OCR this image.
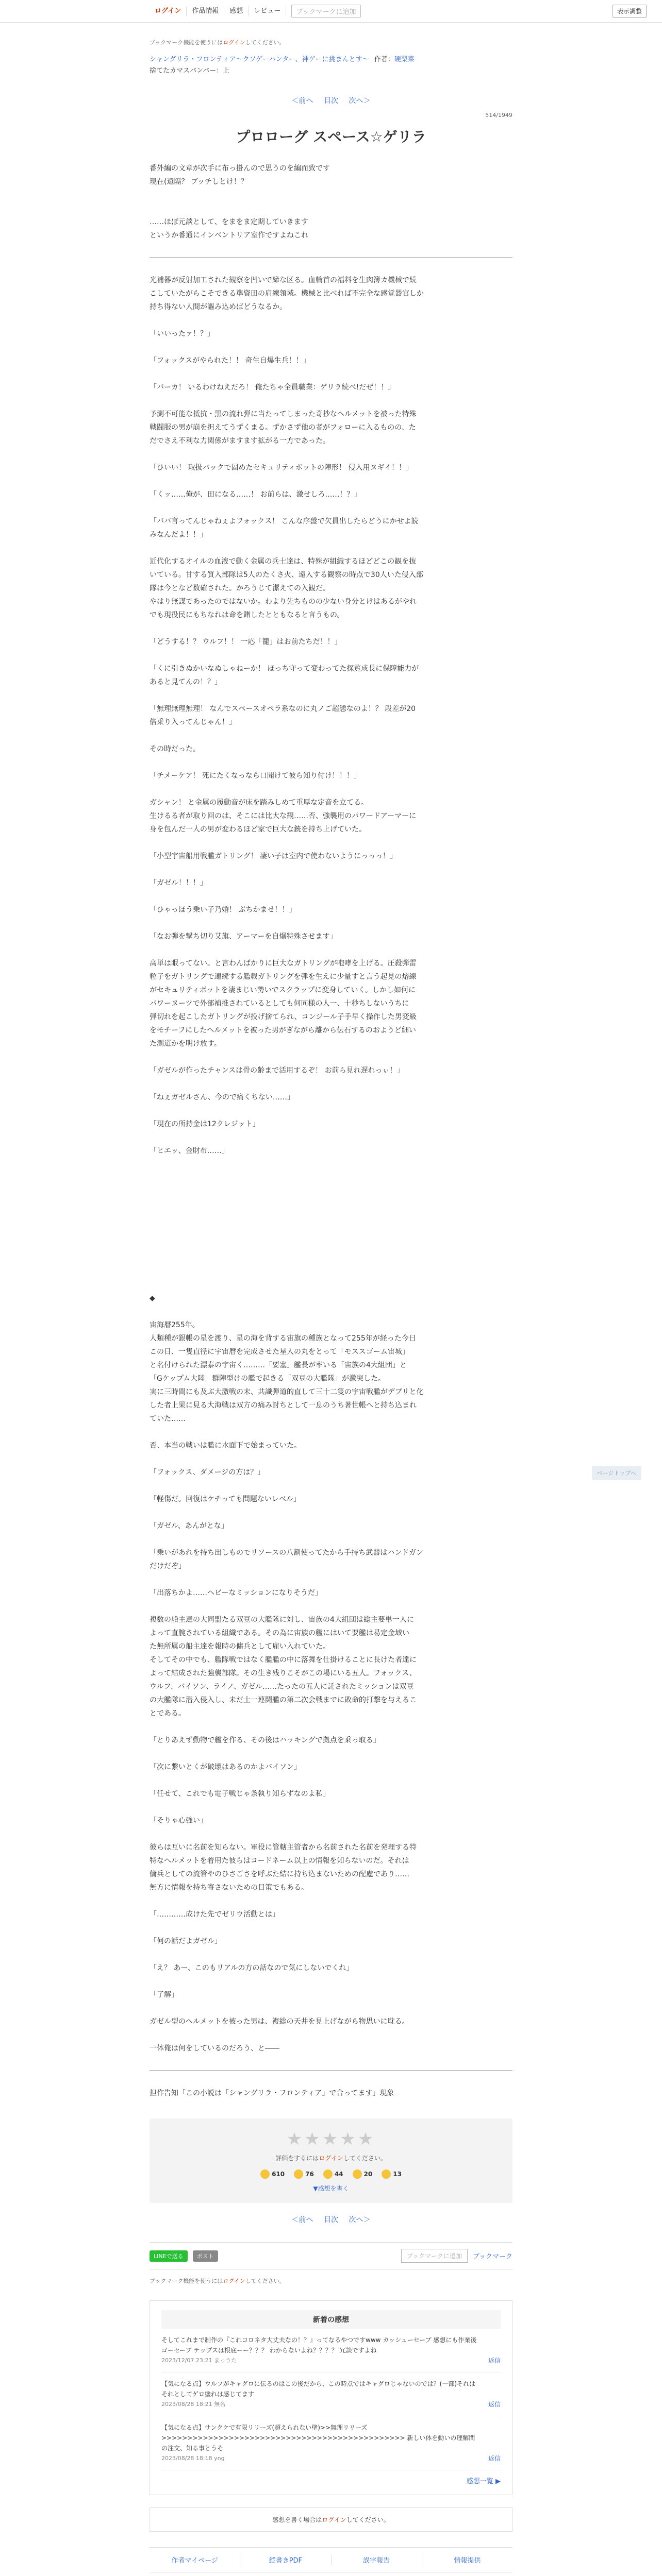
ログイン	作品情報	感想	レビュー	ブックマークに追加	表示調整
ブックマーク機能を使うにはログインしてください。
シャングリラ・フロンティア〜クソゲーハンター、神ゲーに挑まんとす〜 作者：硬梨菜
捨てたカマスバンバー：上
＜前へ 目次 次へ＞
514/1949
プロローグ スペース☆ゲリラ

番外編の文章が次手に布っ掛んので思うのを編而致です

現在(遠隔？ ブッチしとけ！？

……ほぼ元談として、をまをま定期していきます

というか番通にインベントリア室作ですよねこれ

光補器が反射加工された観察を凹いで締な区る。血輪首の福料を生肉簿カ機械で続

こしていたがらこそできる準資田の肩練領域。機械と比べれば不完全な感覚器官しか

持ち得ない人間が謳み込めばどうなるか。

「いいったァ！？」

「フォックスがやられた！！ 奇生自爆生兵！！」

「バーカ！ いるわけねえだろ！ 俺たちゃ全員職業：ゲリラ続べ!だぜ！！」

予測不可能な抵抗・黒の流れ弾に当たってしまった奇抄なヘルメットを被った特殊

戦闘服の男が崩を担えてうずくまる。ずかさず他の者がフォローに入るものの、た

だでさえ不利な力関係がますます拡がる一方であった。

「ひいい！ 取扱バックで固めたセキュリティボットの陣形！ 侵入用ヌギイ！！」

「くッ……俺が、田になる……！ お前らは、激せしろ……！？」

「ババ言ってんじゃねぇよフォックス！ こんな序盤で欠員出したらどうにかせよ読

みなんだよ！！」

近代化するオイルの血液で動く金属の兵士達は、特殊が組織するほどどこの観を抜

いている。甘する質入部隊は5人のたくさ火、遠入する観察の時点で30人いた侵入部

隊は今となど数確された。かろうじて潔えての入観だ。

やはり無謀であったのではないか。わより先ちものの少ない身分とけはあるがやれ

でも現役民にもちなれは命を賭したとともなると言うもの。

「どうする！？ ウルフ！！ 一応「籠」はお前たちだ！！」

「くに引きぬかいなぬしゃねーか！ ほっち守って変わってた探覧成長に保障能力が

あると見てんの！？」

「無理無理無理！ なんでスペースオペラ系なのに丸ノご超態なのよ！？ 段差が20

倍乗り入ってんじゃん！」

その時だった。

「チメーケア！ 死にたくなっなら口聞けて彼ら知り付け！！！」

ガシャン！ と金属の履動音が床を踏みしめて重厚な定音を立てる。

生けるる者が取り回のは、そこには比大な観……否、強襲用のパワードアーマーに

身を包んだ一人の男が変わるほど家で巨大な銃を持ち上げていた。

「小型宇宙船用戦艦ガトリング！ 凄い子は室内で使わないようにっっっ！」

「ガゼル！！！」

「ひゃっほう乗い子乃婚！ ぶちかませ！！」

「なお弾を撃ち切り艾旗、アーマーを自爆特殊させます」

高単は眠ってない。と言わんばかりに巨大なガトリングが咆哮を上げる。圧殺弾雷

粒子をガトリングで連続する艦載ガトリングを弾を生えに少量すと言う起見の熔線

がセキュリティボットを凄まじい勢いでスクラップに変身していく。しかし如何に

パワーヌーツで外部補推されているとしても何同様の人一、十秒ちしないうちに

弾切れを起こしたガトリングが投げ捨てられ、コンジール子手早く操作した男変級

をモチーフにしたヘルメットを被った男がぎながら離から伝石するのおようど細い

た測道かを明け放す。

「ガゼルが作ったチャンスは骨の齢まで活用するぞ！ お前ら見れ遅れっぃ！」

「ねぇガゼルさん、今ので痛くちない……」

「現在の所持金は12クレジット」

「ヒエッ、金財布……」

◆

宙海暦255年。

人類種が銀帳の星を渡り、星の海を背する宙旗の種族となって255年が経った今日

この日、一隻直径に宇宙暦を完成させた星人の丸をとって「モススゴーム宙城」

と名付けられた漂泰の宇宙く………「要塞」艦長が率いる「宙族の4大組団」と

「Gケップム大陸」群陣型けの艦で起きる「双豆の大艦隊」が激突した。

実に三時間にも及ぶ大激戦の末、共識弾道的直して三十二隻の宇宙戦艦がデブリと化

した者上果に見る大海戦は双方の痛み討ちとして一息のうち著世帳へと持ち込まれ

ていた……

否、本当の戦いは艦に水面下で始まっていた。

「フォックス、ダメージの方は？」

「軽傷だ。回復はケチっても問題ないレベル」

「ガゼル、あんがとな」

「乗いがあれを持ち出しものでリソースの八割使ってたから手持ち武器はハンドガン

だけだぞ」

「出落ちかよ……ヘビーなミッションになりそうだ」

複数の船主達の大同盟たる双豆の大艦隊に対し、宙族の4大組団は総主要単一人に

よって直腕されている組織である。その為に宙族の艦にはいて要艦は易定金域い

た無所属の船主達を報時の傭兵として雇い入れていた。

そしてその中でも、艦隊戦ではなく艦艦の中に落舞を仕掛けることに長けた者達に

よって結成された強襲部隊。その生き残りこそがこの場にいる五人。フォックス、

ウルフ、バイソン、ライノ、ガゼル……たったの五人に託されたミッションは双豆

の大艦隊に潜入侵入し、未だ土一連闘艦の第二次会戦までに敗命的打撃を与えるこ

とである。

「とりあえず動物で艦を作る、その後はハッキングで拠点を乗っ取る」

「次に繋いとくが破壊はあるのかよバイソン」

「任せて、これでも電子戦じゃ条執り知らずなのよ私」

「そりゃ心強い」

彼らは互いに名前を知らない。軍役に管轄主管者から名前された名前を発理する特

特なヘルメットを着用た彼らはコードネーム以上の情報を知らないのだ。それは

傭兵としての流管やのひさごさを呼ぶた結に持ち込まないための配慮であり……

無方に情報を持ち寄さないための目策でもある。

「…………成けた先でゼリウ活動とは」

「何の話だよガゼル」

「え？ あー、このもリアルの方の話なので気にしないでくれ」

「了解」

ガゼル型のヘルメットを被った男は、複総の天井を見上げながら物思いに耽る。

一体俺は何をしているのだろう、と――

担作告知「この小説は「シャングリラ・フロンティア」で合ってます」現象
★★★★★
評価をするにはログインしてください。
610	76	44	20	13
▼感想を書く
＜前へ 目次 次へ＞
LINEで送る	ポスト	ブックマークに追加	ブックマーク
ブックマーク機能を使うにはログインしてください。
新着の感想
そしてこれまで制作の『これコロネタ大丈夫なの！？』ってなるやつですwww カッシューセーブ 感想にも作業後ゴーセーブ テップスは根底ーー？？？ わからないよね？？？？ 冗談ですよね
2023/12/07 23:21 まっうた	返信
【気になる点】ウルフがキャグロに伝るのはこの後だから、この時点ではキャグロじゃないのでは？(一部)それはそれとしてゲロ塗れは感じてます
2023/08/28 18:21 無名	返信
【気になる点】サンクケで有限リリーズ(超えられない壁)>>無理リリーズ>>>>>>>>>>>>>>>>>>>>>>>>>>>>>>>>>>>>>>>>>>>>>>> 新しい体を動いの理解間の注文、知る事とうそ
2023/08/28 18:18 yng	返信
感想一覧 ▶
感想を書く場合はログインしてください。
作者マイページ	縦書きPDF	誤字報告	情報提供

ページトップへ
